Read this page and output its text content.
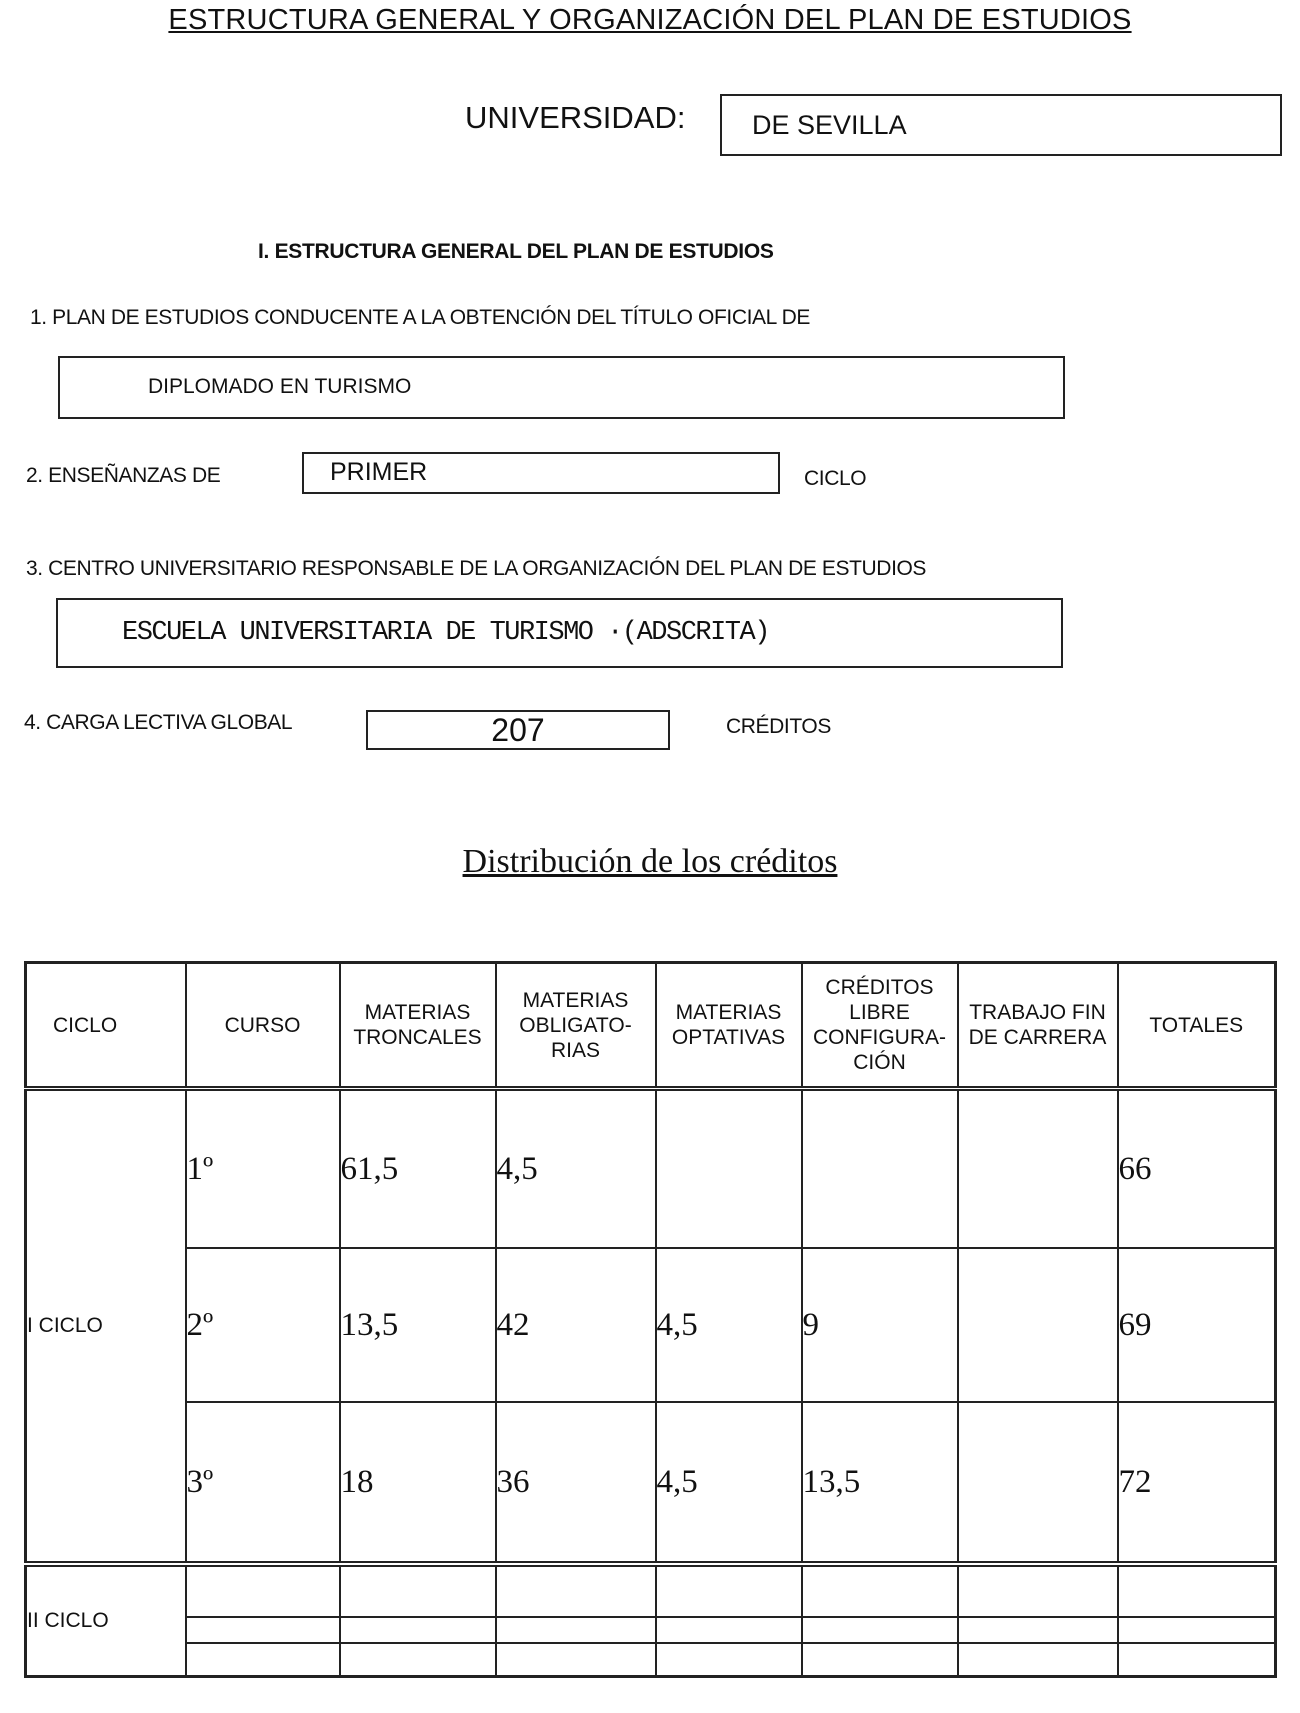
ESTRUCTURA GENERAL Y ORGANIZACIÓN DEL PLAN DE ESTUDIOS
UNIVERSIDAD:	DE SEVILLA
I. ESTRUCTURA GENERAL DEL PLAN DE ESTUDIOS
1. PLAN DE ESTUDIOS CONDUCENTE A LA OBTENCIÓN DEL TÍTULO OFICIAL DE
DIPLOMADO EN TURISMO
2. ENSEÑANZAS DE	PRIMER	CICLO
3. CENTRO UNIVERSITARIO RESPONSABLE DE LA ORGANIZACIÓN DEL PLAN DE ESTUDIOS
ESCUELA UNIVERSITARIA DE TURISMO ·(ADSCRITA)
4. CARGA LECTIVA GLOBAL	207	CRÉDITOS
Distribución de los créditos
CICLO	CURSO	MATERIAS TRONCALES	MATERIAS OBLIGATO-RIAS	MATERIAS OPTATIVAS	CRÉDITOS LIBRE CONFIGURA-CIÓN	TRABAJO FIN DE CARRERA	TOTALES
I CICLO	1º	61,5	4,5				66
	2º	13,5	42	4,5	9		69
	3º	18	36	4,5	13,5		72
II CICLO							
